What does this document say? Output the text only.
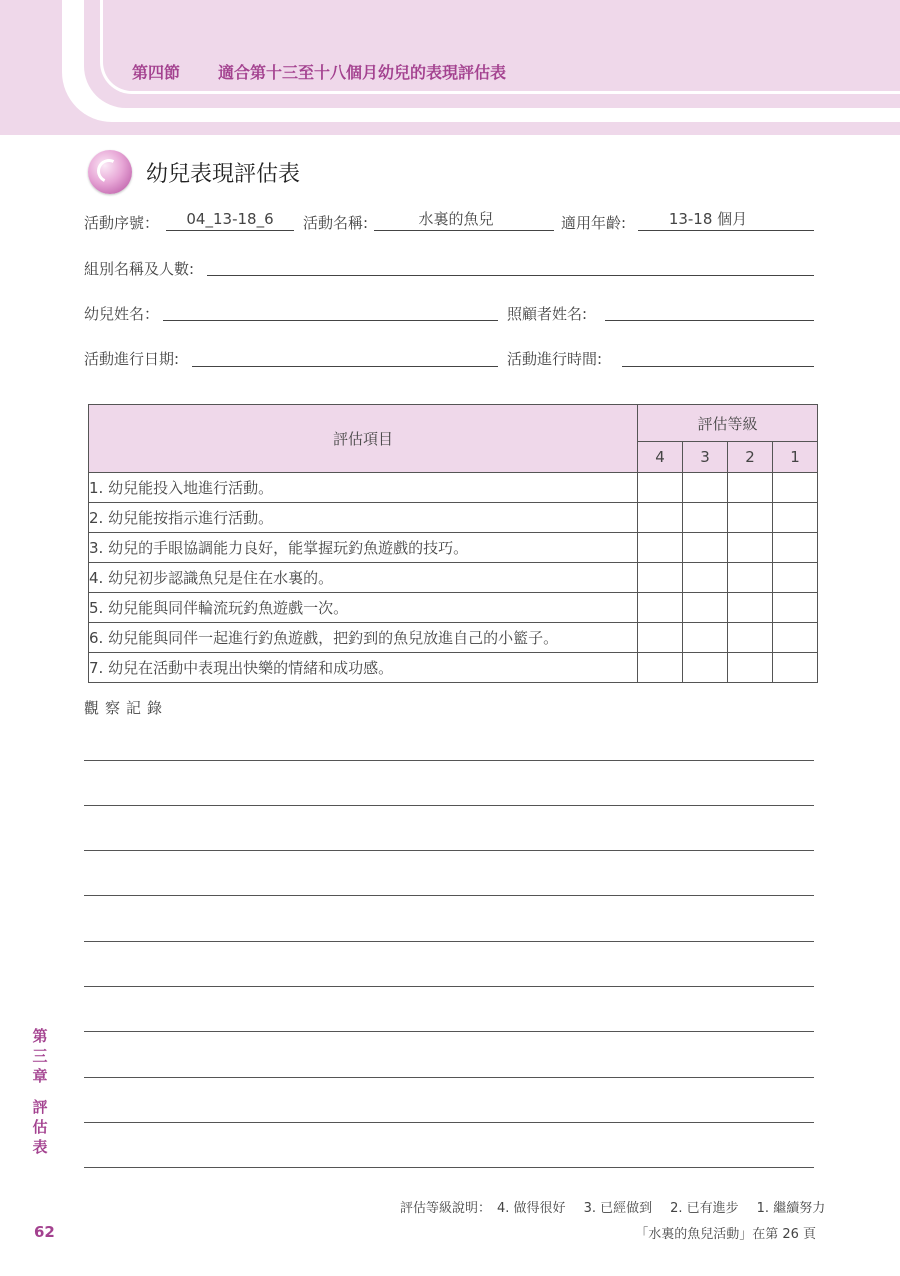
第四節 適合第十三至十八個月幼兒的表現評估表
幼兒表現評估表
活動序號：	04_13-18_6	活動名稱:	水裏的魚兒	適用年齡:	13-18 個月
組別名稱及人數:
幼兒姓名：	照顧者姓名:
活動進行日期:	活動進行時間:
評估項目	評估等級			
	4	3	2	1
1. 幼兒能投入地進行活動。				
2. 幼兒能按指示進行活動。				
3. 幼兒的手眼協調能力良好，能掌握玩釣魚遊戲的技巧。				
4. 幼兒初步認識魚兒是住在水裏的。				
5. 幼兒能與同伴輪流玩釣魚遊戲一次。				
6. 幼兒能與同伴一起進行釣魚遊戲，把釣到的魚兒放進自己的小籃子。				
7. 幼兒在活動中表現出快樂的情緒和成功感。				
觀察記錄
第
三
章
評
估
表
評估等級說明： 4. 做得很好 3. 已經做到 2. 已有進步 1. 繼續努力
62	「水裏的魚兒活動」在第 26 頁
